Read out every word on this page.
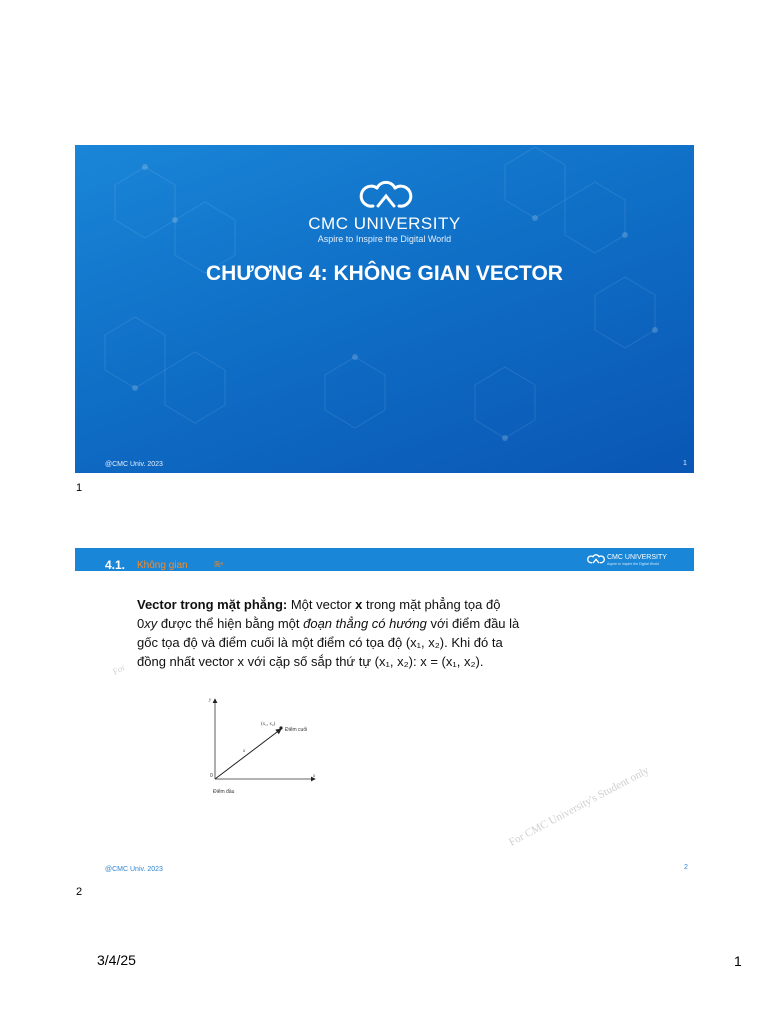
CMC UNIVERSITY
Aspire to Inspire the Digital World
CHƯƠNG 4: KHÔNG GIAN VECTOR
@CMC Univ. 2023	1
1
4.1. Không gian	ℝⁿ
CMC UNIVERSITY
Aspire to Inspire the Digital World
For
Vector trong mặt phẳng: Một vector x trong mặt phẳng tọa độ
0xy được thể hiện bằng một đoạn thẳng có hướng với điểm đầu là
gốc tọa độ và điểm cuối là một điểm có tọa độ (x₁, x₂). Khi đó ta
đồng nhất vector x với cặp số sắp thứ tự (x₁, x₂): x = (x₁, x₂).
y
x
0
(x₁, x₂)
Điểm cuối
x
Điểm đầu	For CMC University's Student only
@CMC Univ. 2023	2
2
3/4/25	1
